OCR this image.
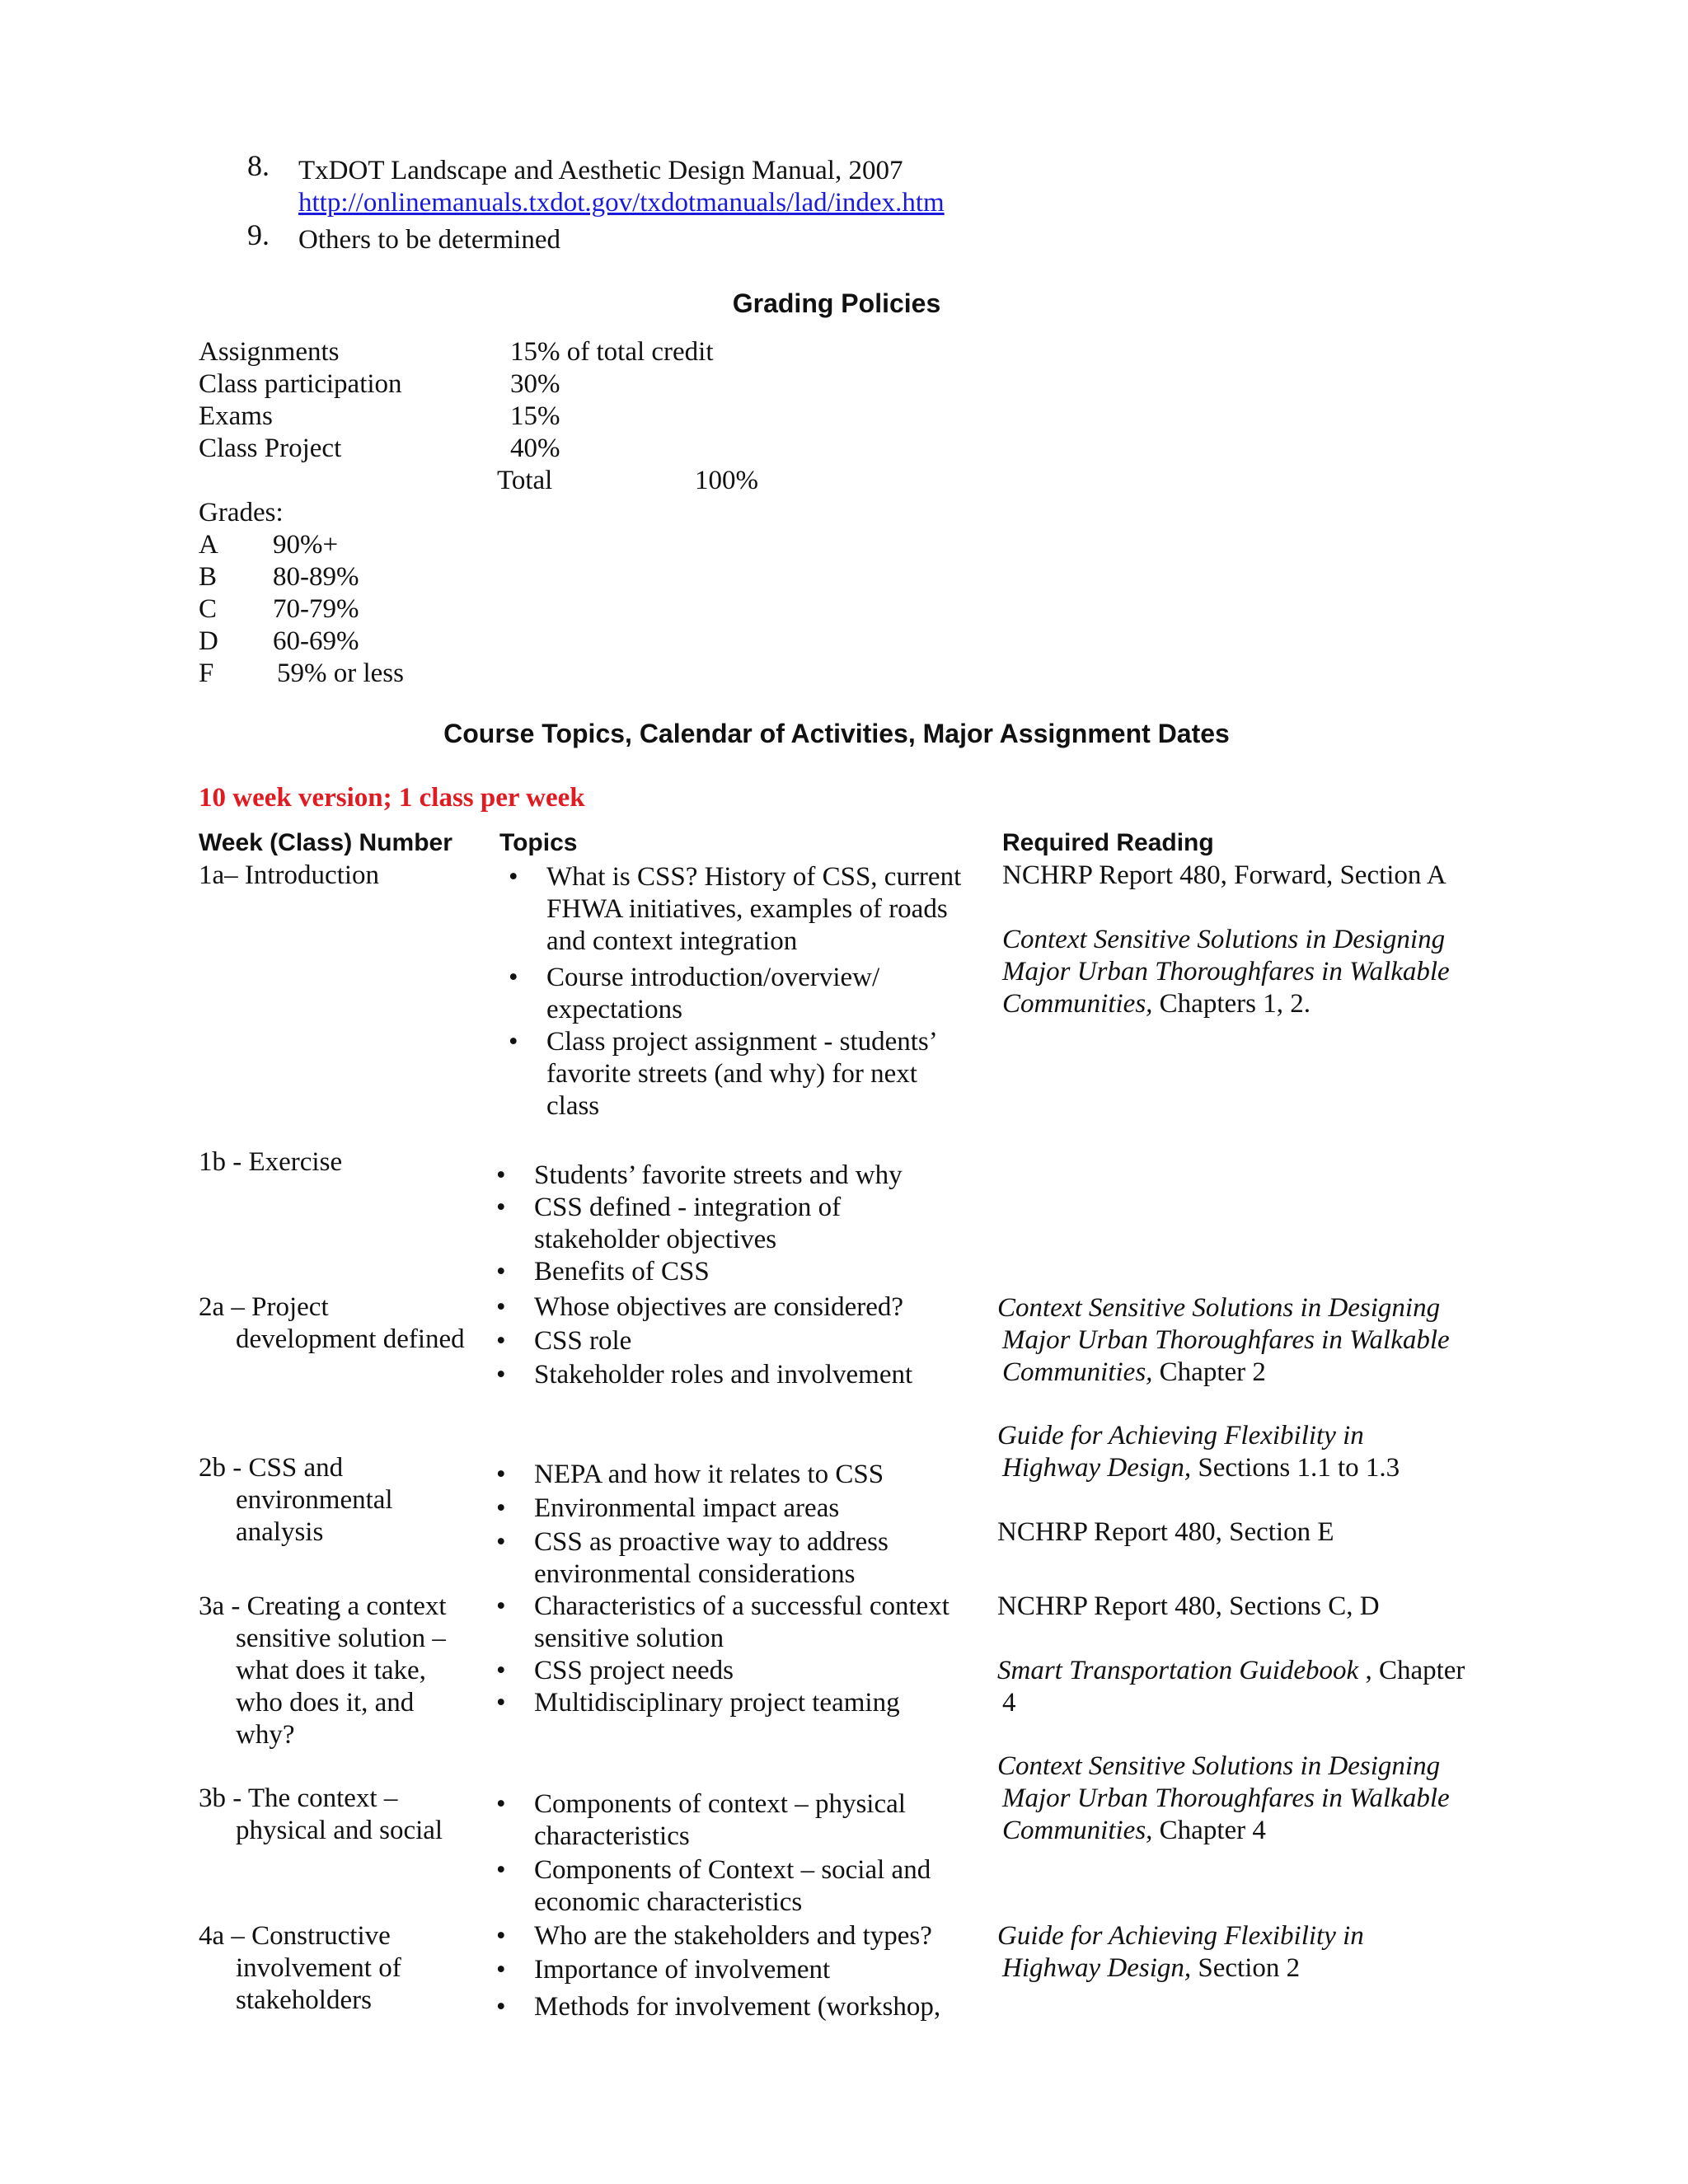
8. TxDOT Landscape and Aesthetic Design Manual, 2007
http://onlinemanuals.txdot.gov/txdotmanuals/lad/index.htm
9. Others to be determined
Grading Policies
Assignments
Class participation
Exams
Class Project
15% of total credit
30%
15%
40%
Total	100%
Grades:
A
B
C
D
F
90%+
80-89%
70-79%
60-69%
59% or less
Course Topics, Calendar of Activities, Major Assignment Dates
10 week version; 1 class per week
Week (Class) Number Topics	Required Reading
1a– Introduction
1b - Exercise
2a – Project
development defined
2b - CSS and
environmental
analysis
3a - Creating a context
sensitive solution –
what does it take,
who does it, and
why?
3b - The context –
physical and social
4a – Constructive
involvement of
stakeholders
• What is CSS? History of CSS, current
FHWA initiatives, examples of roads
and context integration
• Course introduction/overview/
expectations
• Class project assignment - students’
favorite streets (and why) for next
class
• Students’ favorite streets and why
• CSS defined - integration of
stakeholder objectives
• Benefits of CSS
• Whose objectives are considered?
• CSS role
• Stakeholder roles and involvement
• NEPA and how it relates to CSS
• Environmental impact areas
• CSS as proactive way to address
environmental considerations
• Characteristics of a successful context
sensitive solution
• CSS project needs
• Multidisciplinary project teaming
• Components of context – physical
characteristics
• Components of Context – social and
economic characteristics
• Who are the stakeholders and types?
• Importance of involvement
• Methods for involvement (workshop,
NCHRP Report 480, Forward, Section A
Context Sensitive Solutions in Designing
Major Urban Thoroughfares in Walkable
Communities, Chapters 1, 2.
Context Sensitive Solutions in Designing
Major Urban Thoroughfares in Walkable
Communities, Chapter 2
Guide for Achieving Flexibility in
Highway Design, Sections 1.1 to 1.3
NCHRP Report 480, Section E
NCHRP Report 480, Sections C, D
Smart Transportation Guidebook , Chapter
4
Context Sensitive Solutions in Designing
Major Urban Thoroughfares in Walkable
Communities, Chapter 4
Guide for Achieving Flexibility in
Highway Design, Section 2
